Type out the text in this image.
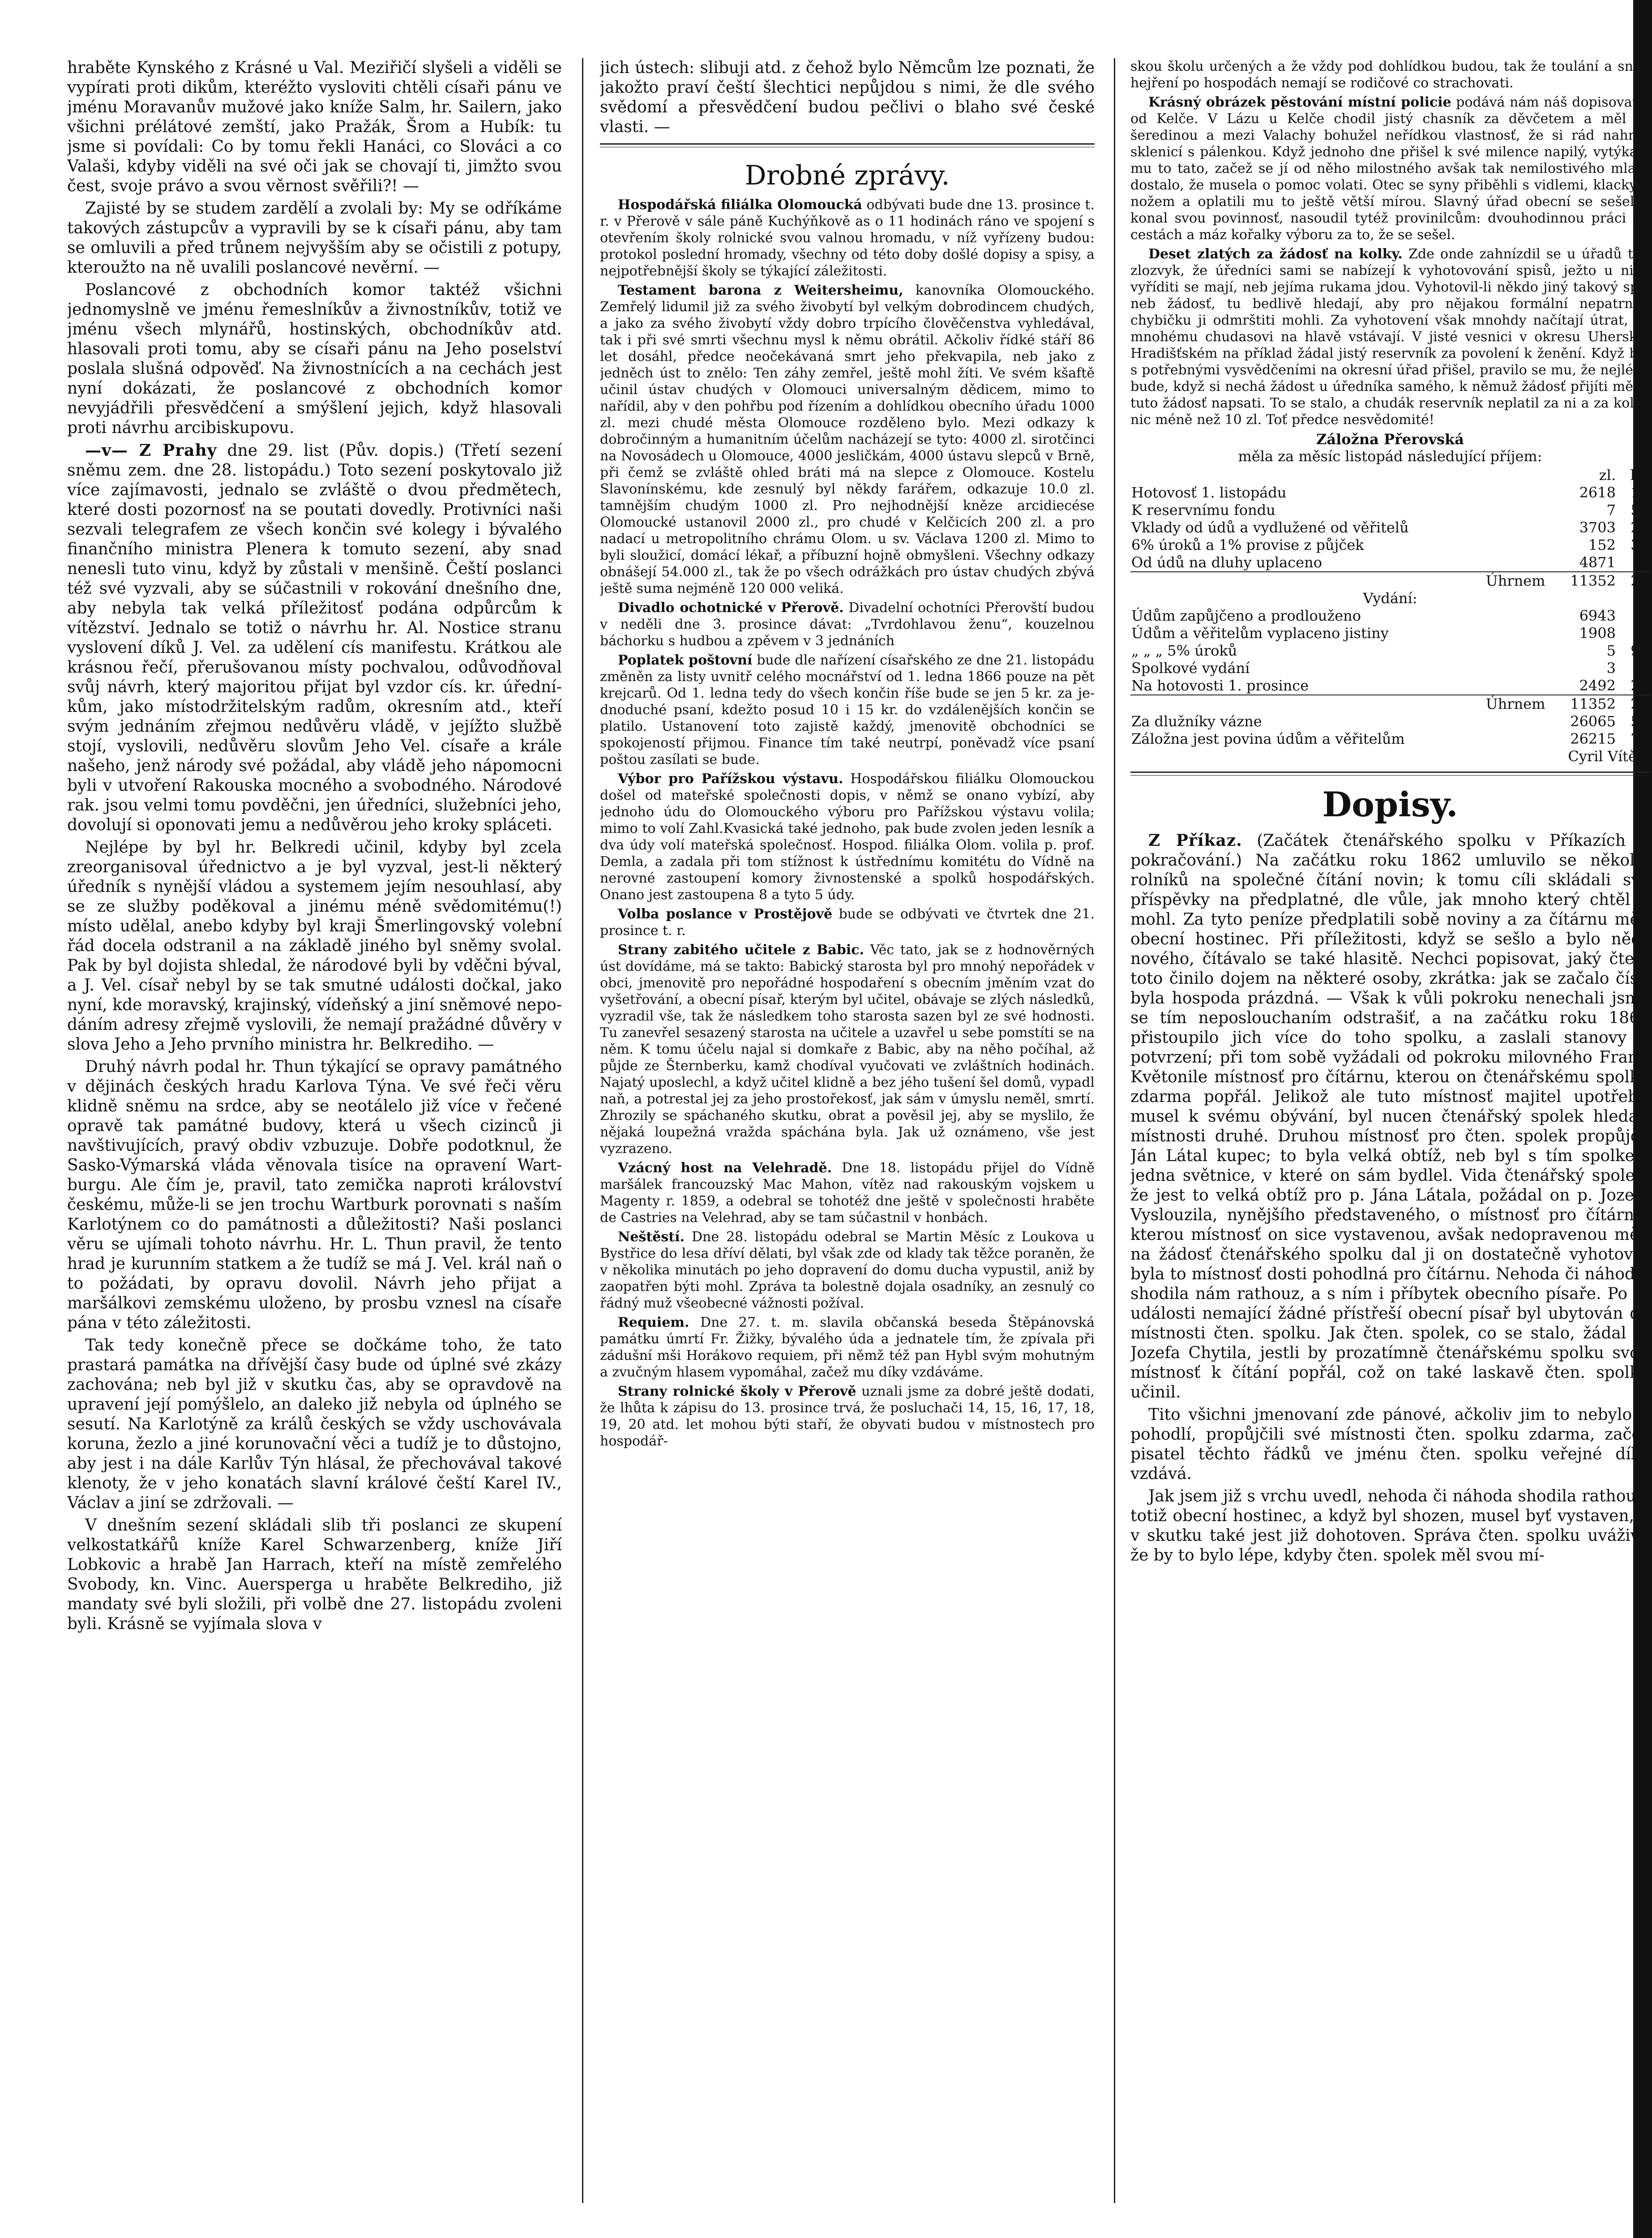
hraběte Kynského z Krásné u Val. Meziřičí slyšeli a viděli se vypírati proti dikům, kteréžto vysloviti chtěli císaři pánu ve jménu Moravanův mužové jako kníže Salm, hr. Sailern, jako všichni prélátové zemští, jako Pražák, Šrom a Hubík: tu jsme si povídali: Co by tomu řekli Hanáci, co Slováci a co Valaši, kdyby viděli na své oči jak se chovají ti, jimžto svou čest, svoje právo a svou věrnost svěřili?! —

Zajisté by se studem zardělí a zvolali by: My se odříkáme takových zástupcův a vypravili by se k císaři pánu, aby tam se omluvili a před trůnem nejvyšším aby se očistili z potupy, kteroužto na ně uvalili poslancové nevěrní. —

Poslancové z obchodních komor taktéž všichni jednomyslně ve jménu řemeslníkův a živnostníkův, totiž ve jménu všech mlynářů, hostinských, obchodníkův atd. hlasovali proti tomu, aby se císaři pánu na Jeho poselství poslala slušná odpověď. Na živnostnících a na cechách jest nyní dokázati, že poslancové z obchodních komor nevyjádřili přesvědčení a smýšlení jejich, když hlasovali proti návrhu arcibiskupovu.

—v— Z Prahy dne 29. list (Pův. dopis.) (Třetí sezení sněmu zem. dne 28. listopádu.) Toto sezení poskytovalo již více zajímavosti, jednalo se zvláště o dvou předmětech, které dosti pozornosť na se poutati dovedly. Protivníci naši sezvali telegrafem ze všech končin své kolegy i bývalého finančního ministra Plenera k tomuto sezení, aby snad nenesli tuto vinu, když by zůstali v menšině. Čeští poslanci též své vyzvali, aby se súčastnili v rokování dnešního dne, aby nebyla tak velká příležitosť podána odpůrcům k vítězství. Jednalo se totiž o návrhu hr. Al. Nostice stranu vyslovení díků J. Vel. za udělení cís manifestu. Krátkou ale krásnou řečí, přerušovanou místy pochvalou, odůvodňoval svůj návrh, který majoritou přijat byl vzdor cís. kr. úředníkům, jako místodržitelským radům, okresním atd., kteří svým jednáním zřejmou nedůvěru vládě, v jejížto službě stojí, vyslovili, nedůvěru slovům Jeho Vel. císaře a krále našeho, jenž národy své požádal, aby vládě jeho nápomocni byli v utvoření Rakouska mocného a svobodného. Národové rak. jsou velmi tomu povděčni, jen úředníci, služebníci jeho, dovolují si oponovati jemu a nedůvěrou jeho kroky spláceti.

Nejlépe by byl hr. Belkredi učinil, kdyby byl zcela zreorganisoval úřednictvo a je byl vyzval, jest-li některý úředník s nynější vládou a systemem jejím nesouhlasí, aby se ze služby poděkoval a jinému méně svědomitému(!) místo udělal, anebo kdyby byl kraji Šmerlingovský volební řád docela odstranil a na základě jiného byl sněmy svolal. Pak by byl dojista shledal, že národové byli by vděčni býval, a J. Vel. císař nebyl by se tak smutné události dočkal, jako nyní, kde moravský, krajinský, vídeňský a jiní sněmové nepodáním adresy zřejmě vyslovili, že nemají pražádné důvěry v slova Jeho a Jeho prvního ministra hr. Belkrediho. —

Druhý návrh podal hr. Thun týkající se opravy památného v dějinách českých hradu Karlova Týna. Ve své řeči věru klidně sněmu na srdce, aby se neotálelo již více v řečené opravě tak památné budovy, která u všech cizinců ji navštivujících, pravý obdiv vzbuzuje. Dobře podotknul, že Sasko-Výmarská vláda věnovala tisíce na opravení Wartburgu. Ale čím je, pravil, tato zemička naproti království českému, může-li se jen trochu Wartburk porovnati s naším Karlotýnem co do památnosti a důležitosti? Naši poslanci věru se ujímali tohoto návrhu. Hr. L. Thun pravil, že tento hrad je kurunním statkem a že tudíž se má J. Vel. král naň o to požádati, by opravu dovolil. Návrh jeho přijat a maršálkovi zemskému uloženo, by prosbu vznesl na císaře pána v této záležitosti.

Tak tedy konečně přece se dočkáme toho, že tato prastará památka na dřívější časy bude od úplné své zkázy zachována; neb byl již v skutku čas, aby se opravdově na upravení její pomýšlelo, an daleko již nebyla od úplného se sesutí. Na Karlotýně za králů českých se vždy uschovávala koruna, žezlo a jiné korunovační věci a tudíž je to důstojno, aby jest i na dále Karlův Týn hlásal, že přechovával takové klenoty, že v jeho konatách slavní králové čeští Karel IV., Václav a jiní se zdržovali. —

V dnešním sezení skládali slib tři poslanci ze skupení velkostatkářů kníže Karel Schwarzenberg, kníže Jiří Lobkovic a hrabě Jan Harrach, kteří na místě zemřelého Svobody, kn. Vinc. Auersperga u hraběte Belkrediho, již mandaty své byli složili, při volbě dne 27. listopádu zvoleni byli. Krásně se vyjímala slova v

jich ústech: slibuji atd. z čehož bylo Němcům lze poznati, že jakožto praví čeští šlechtici nepůjdou s nimi, že dle svého svědomí a přesvědčení budou pečlivi o blaho své české vlasti. —

Drobné zprávy.

Hospodářská filiálka Olomoucká odbývati bude dne 13. prosince t. r. v Přerově v sále páně Kuchýňkově as o 11 hodinách ráno ve spojení s otevřením školy rolnické svou valnou hromadu, v níž vyřízeny budou: protokol poslední hromady, všechny od této doby došlé dopisy a spisy, a nejpotřebnější školy se týkající záležitosti.

Testament barona z Weitersheimu, kanovníka Olomouckého. Zemřelý lidumil již za svého živobytí byl velkým dobrodincem chudých, a jako za svého živobytí vždy dobro trpícího člověčenstva vyhledával, tak i při své smrti všechnu mysl k němu obrátil. Ačkoliv řídké stáří 86 let dosáhl, předce neočekávaná smrt jeho překvapila, neb jako z jedněch úst to znělo: Ten záhy zemřel, ještě mohl žíti. Ve svém kšaftě učinil ústav chudých v Olomouci universalným dědicem, mimo to nařídil, aby v den pohřbu pod řízením a dohlídkou obecního úřadu 1000 zl. mezi chudé města Olomouce rozděleno bylo. Mezi odkazy k dobročinným a humanitním účelům nacházejí se tyto: 4000 zl. sirotčinci na Novosádech u Olomouce, 4000 jesličkám, 4000 ústavu slepců v Brně, při čemž se zvláště ohled bráti má na slepce z Olomouce. Kostelu Slavonínskému, kde zesnulý byl někdy farářem, odkazuje 10.0 zl. tamnějším chudým 1000 zl. Pro nejhodnější kněze arcidiecése Olomoucké ustanovil 2000 zl., pro chudé v Kelčicích 200 zl. a pro nadací u metropolitního chrámu Olom. u sv. Václava 1200 zl. Mimo to byli sloužicí, domácí lékař, a příbuzní hojně obmyšleni. Všechny odkazy obnášejí 54.000 zl., tak že po všech odrážkách pro ústav chudých zbývá ještě suma nejméně 120 000 veliká.

Divadlo ochotnické v Přerově. Divadelní ochotníci Přerovští budou v neděli dne 3. prosince dávat: „Tvrdohlavou ženu“, kouzelnou báchorku s hudbou a zpěvem v 3 jednáních

Poplatek poštovní bude dle nařízení císařského ze dne 21. listopádu změněn za listy uvnitř celého mocnářství od 1. ledna 1866 pouze na pět krejcarů. Od 1. ledna tedy do všech končin říše bude se jen 5 kr. za jednoduché psaní, kdežto posud 10 i 15 kr. do vzdálenějších končin se platilo. Ustanovení toto zajistě každý, jmenovitě obchodníci se spokojeností přijmou. Finance tím také neutrpí, poněvadž více psaní poštou zasílati se bude.

Výbor pro Pařížskou výstavu. Hospodářskou filiálku Olomouckou došel od mateřské společnosti dopis, v němž se onano vybízí, aby jednoho údu do Olomouckého výboru pro Pařížskou výstavu volila; mimo to volí Zahl.Kvasická také jednoho, pak bude zvolen jeden lesník a dva údy volí mateřská společnosť. Hospod. filiálka Olom. volila p. prof. Demla, a zadala při tom stížnost k ústřednímu komitétu do Vídně na nerovné zastoupení komory živnostenské a spolků hospodářských. Onano jest zastoupena 8 a tyto 5 údy.

Volba poslance v Prostějově bude se odbývati ve čtvrtek dne 21. prosince t. r.

Strany zabitého učitele z Babic. Věc tato, jak se z hodnověrných úst dovídáme, má se takto: Babický starosta byl pro mnohý nepořádek v obci, jmenovitě pro nepořádné hospodaření s obecním jměním vzat do vyšetřování, a obecní písař, kterým byl učitel, obávaje se zlých následků, vyzradil vše, tak že následkem toho starosta sazen byl ze své hodnosti. Tu zanevřel sesazený starosta na učitele a uzavřel u sebe pomstíti se na něm. K tomu účelu najal si domkaře z Babic, aby na něho počíhal, až půjde ze Šternberku, kamž chodíval vyučovati ve zvláštních hodinách. Najatý uposlechl, a když učitel klidně a bez jého tušení šel domů, vypadl naň, a potrestal jej za jeho prostořekosť, jak sám v úmyslu neměl, smrtí. Zhrozily se spáchaného skutku, obrat a pověsil jej, aby se myslilo, že nějaká loupežná vražda spáchána byla. Jak už oznámeno, vše jest vyzrazeno.

Vzácný host na Velehradě. Dne 18. listopádu přijel do Vídně maršálek francouzský Mac Mahon, vítěz nad rakouským vojskem u Magenty r. 1859, a odebral se tohotéž dne ještě v společnosti hraběte de Castries na Velehrad, aby se tam súčastnil v honbách.

Neštěstí. Dne 28. listopádu odebral se Martin Měsíc z Loukova u Bystřice do lesa dříví dělati, byl však zde od klady tak těžce poraněn, že v několika minutách po jeho dopravení do domu ducha vypustil, aniž by zaopatřen býti mohl. Zpráva ta bolestně dojala osadníky, an zesnulý co řádný muž všeobecné vážnosti požíval.

Requiem. Dne 27. t. m. slavila občanská beseda Štěpánovská památku úmrtí Fr. Žižky, bývalého úda a jednatele tím, že zpívala při zádušní mši Horákovo requiem, při němž též pan Hybl svým mohutným a zvučným hlasem vypomáhal, začež mu díky vzdáváme.

Strany rolnické školy v Přerově uznali jsme za dobré ještě dodati, že lhůta k zápisu do 13. prosince trvá, že posluchači 14, 15, 16, 17, 18, 19, 20 atd. let mohou býti staří, že obyvati budou v místnostech pro hospodář-

skou školu určených a že vždy pod dohlídkou budou, tak že toulání a snad hejření po hospodách nemají se rodičové co strachovati.

Krásný obrázek pěstování místní policie podává nám náš dopisovatel od Kelče. V Lázu u Kelče chodil jistý chasník za děvčetem a měl tu šeredinou a mezi Valachy bohužel neřídkou vlastnosť, že si rád nahnul sklenicí s pálenkou. Když jednoho dne přišel k své milence napilý, vytýkala mu to tato, začež se jí od něho milostného avšak tak nemilostivého mlatu dostalo, že musela o pomoc volati. Otec se syny přiběhli s vidlemi, klacky a nožem a oplatili mu to ještě větší mírou. Slavný úřad obecní se sešel a konal svou povinnosť, nasoudil tytéž provinilcům: dvouhodinnou práci na cestách a máz kořalky výboru za to, že se sešel.

Deset zlatých za žádosť na kolky. Zde onde zahnízdil se u úřadů ten zlozvyk, že úředníci sami se nabízejí k vyhotovování spisů, ježto u nich vyříditi se mají, neb jejíma rukama jdou. Vyhotovil-li někdo jiný takový spis neb žádosť, tu bedlivě hledají, aby pro nějakou formální nepatrnou chybičku ji odmrštiti mohli. Za vyhotovení však mnohdy načítají útrat, že mnohému chudasovi na hlavě vstávají. V jisté vesnici v okresu Uhersko-Hradišťském na příklad žádal jistý reservník za povolení k ženění. Když byl s potřebnými vysvědčeními na okresní úřad přišel, pravilo se mu, že nejlépe bude, když si nechá žádost u úředníka samého, k němuž žádosť přijíti měla, tuto žádosť napsati. To se stalo, a chudák reservník neplatil za ni a za kolky nic méně než 10 zl. Toť předce nesvědomité!

Záložna Přerovská
měla za měsíc listopád následující příjem:
	zl.	kr.
Hotovosť 1. listopádu	2618	16
K reservnímu fondu	7	50
Vklady od údů a vydlužené od věřitelů	3703	26
6% úroků a 1% provise z půjček	152	31
Od údů na dluhy uplaceno	4871	—
Úhrnem	11352	23
Vydání:		
Údům zapůjčeno a prodlouženo	6943	—
Údům a věřitelům vyplaceno jistiny	1908	1
„ „ „ 5% úroků	5	97
Spolkové vydání	3	—
Na hotovosti 1. prosince	2492	25
Úhrnem	11352	23
Za dlužníky vázne	26065	50
Záložna jest povina údům a věřitelům	26215	71
Cyril Vítěz.		
Dopisy.

Z Příkaz. (Začátek čtenářského spolku v Příkazích a pokračování.) Na začátku roku 1862 umluvilo se několik rolníků na společné čítání novin; k tomu cíli skládali své příspěvky na předplatné, dle vůle, jak mnoho který chtěl a mohl. Za tyto peníze předplatili sobě noviny a za čítárnu měli obecní hostinec. Při příležitosti, když se sešlo a bylo něco nového, čítávalo se také hlasitě. Nechci popisovat, jaký čtení toto činilo dojem na některé osoby, zkrátka: jak se začalo číst, byla hospoda prázdná. — Však k vůli pokroku nenechali jsme se tím neposlouchaním odstrašiť, a na začátku roku 1863 přistoupilo jich více do toho spolku, a zaslali stanovy k potvrzení; při tom sobě vyžádali od pokroku milovného Frant. Květonile místnosť pro čítárnu, kterou on čtenářskému spolku zdarma popřál. Jelikož ale tuto místnosť majitel upotřebiť musel k svému obývání, byl nucen čtenářský spolek hledati místnosti druhé. Druhou místnosť pro čten. spolek propůjčil Ján Látal kupec; to byla velká obtíž, neb byl s tím spolkem jedna světnice, v které on sám bydlel. Vida čtenářský spolek, že jest to velká obtíž pro p. Jána Látala, požádal on p. Jozefa Vyslouzila, nynějšího představeného, o místnosť pro čítárnu, kterou místnosť on sice vystavenou, avšak nedopravenou měl; na žádosť čtenářského spolku dal ji on dostatečně vyhotoviť, byla to místnosť dosti pohodlná pro čítárnu. Nehoda či náhoda, shodila nám rathouz, a s ním i příbytek obecního písaře. Po té události nemající žádné přístřeší obecní písař byl ubytován do místnosti čten. spolku. Jak čten. spolek, co se stalo, žádal p. Jozefa Chytila, jestli by prozatímně čtenářskému spolku svou místnosť k čítání popřál, což on také laskavě čten. spolku učinil.

Tito všichni jmenovaní zde pánové, ačkoliv jim to nebylo k pohodlí, propůjčili své místnosti čten. spolku zdarma, začež pisatel těchto řádků ve jménu čten. spolku veřejné díky vzdává.

Jak jsem již s vrchu uvedl, nehoda či náhoda shodila rathouz, totiž obecní hostinec, a když byl shozen, musel byť vystaven, a v skutku také jest již dohotoven. Správa čten. spolku uváživí, že by to bylo lépe, kdyby čten. spolek měl svou mí-
